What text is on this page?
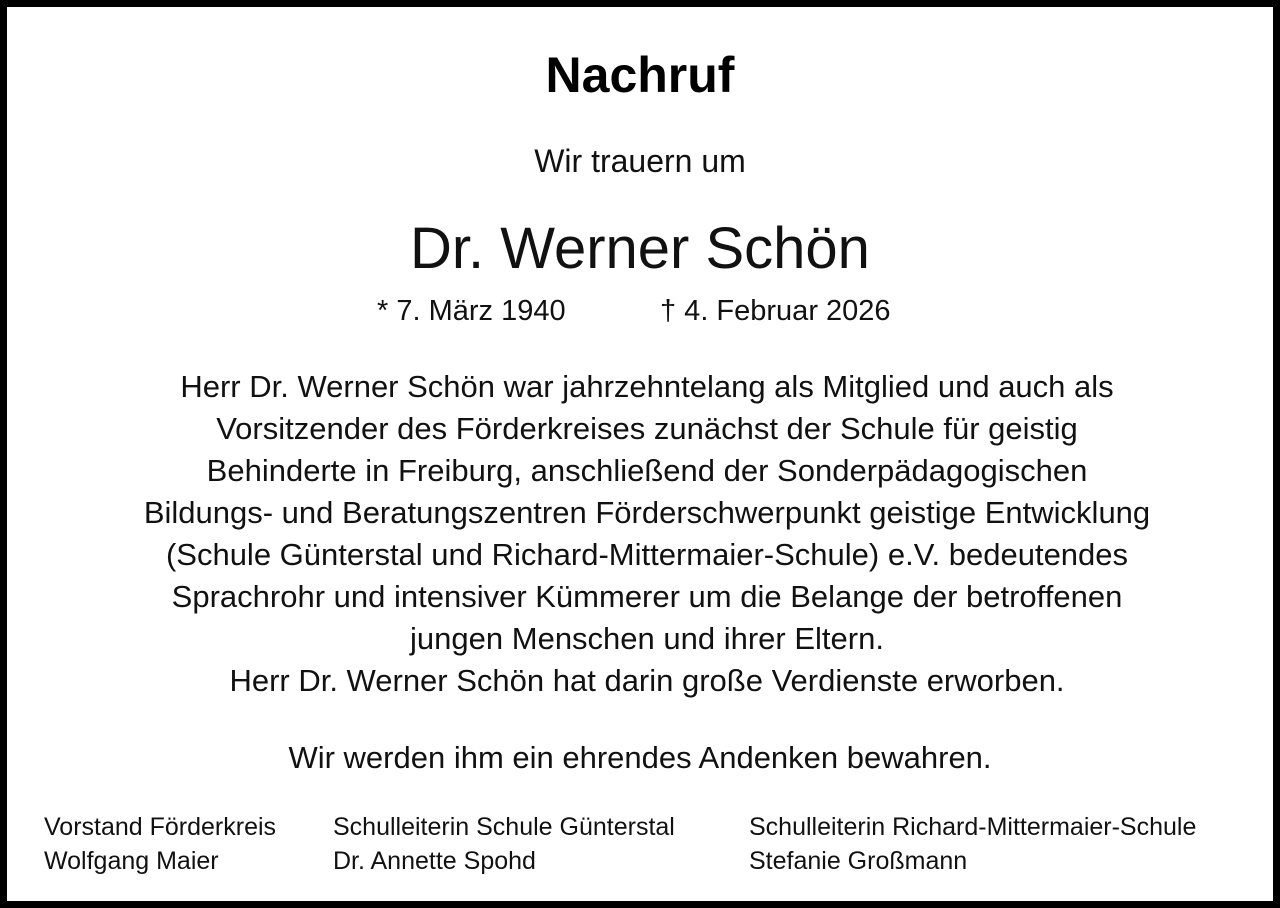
Nachruf
Wir trauern um
Dr. Werner Schön
* 7. März 1940	† 4. Februar 2026
Herr Dr. Werner Schön war jahrzehntelang als Mitglied und auch als
Vorsitzender des Förderkreises zunächst der Schule für geistig
Behinderte in Freiburg, anschließend der Sonderpädagogischen
Bildungs- und Beratungszentren Förderschwerpunkt geistige Entwicklung
(Schule Günterstal und Richard-Mittermaier-Schule) e.V. bedeutendes
Sprachrohr und intensiver Kümmerer um die Belange der betroffenen
jungen Menschen und ihrer Eltern.
Herr Dr. Werner Schön hat darin große Verdienste erworben.
Wir werden ihm ein ehrendes Andenken bewahren.
Vorstand Förderkreis
Wolfgang Maier
Schulleiterin Schule Günterstal
Dr. Annette Spohd
Schulleiterin Richard-Mittermaier-Schule
Stefanie Großmann
